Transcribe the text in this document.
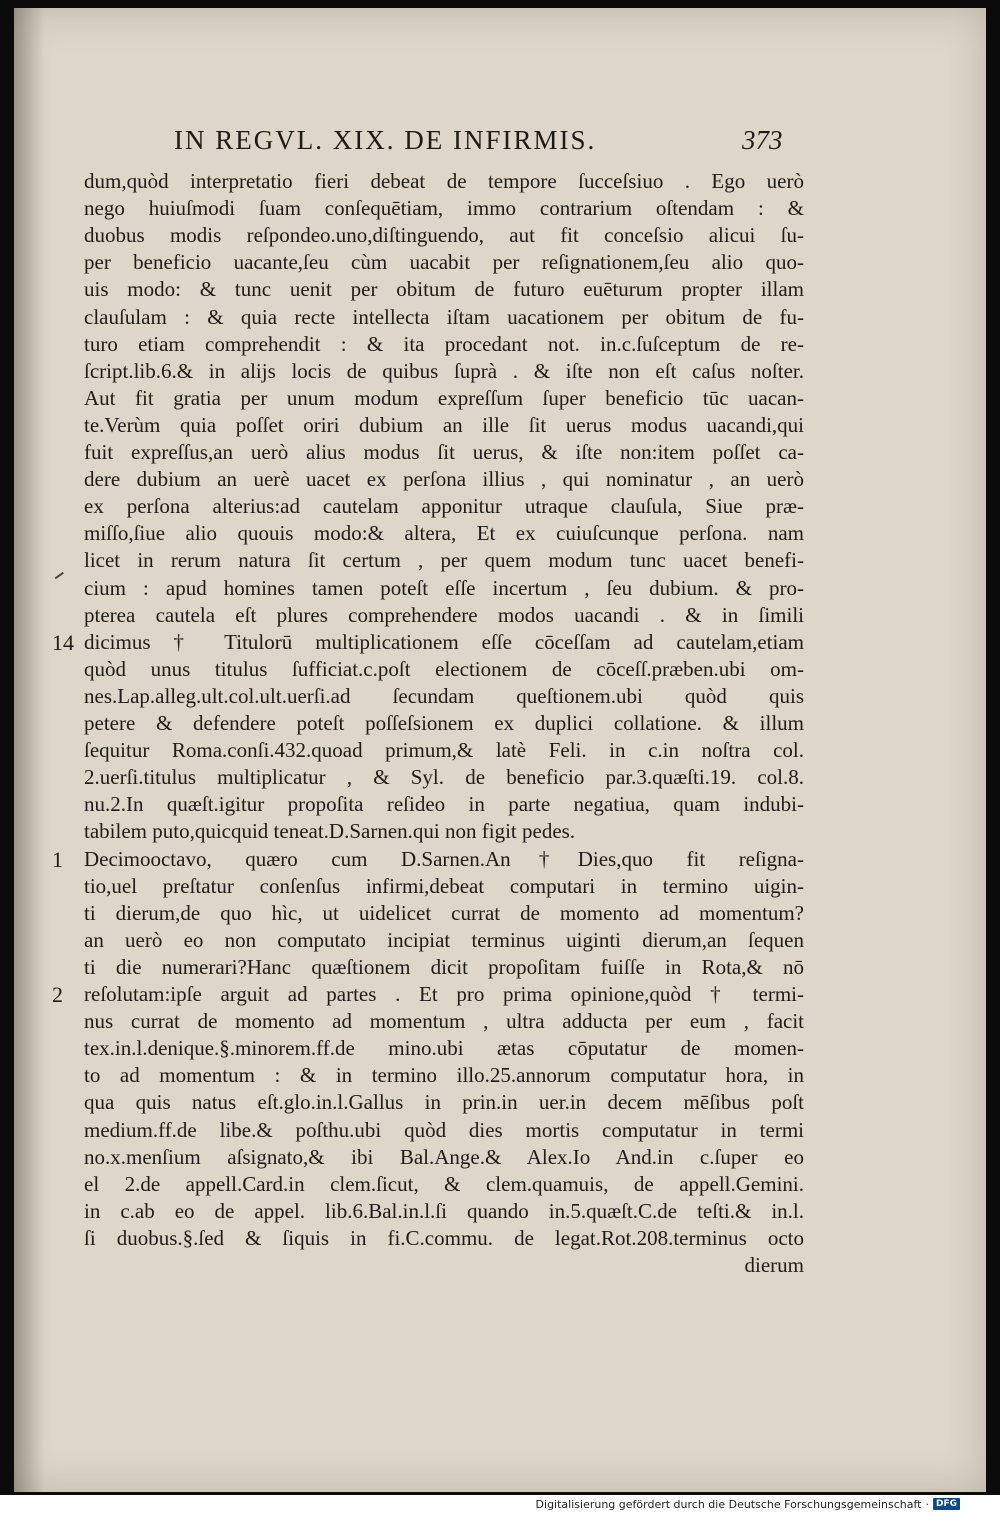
IN REGVL. XIX. DE INFIRMIS.	373
dum,quòd interpretatio fieri debeat de tempore ſucceſsiuo . Ego uerò
nego huiuſmodi ſuam conſequētiam, immo contrarium oſtendam : &
duobus modis reſpondeo.uno,diſtinguendo, aut fit conceſsio alicui ſu-
per beneficio uacante,ſeu cùm uacabit per reſignationem,ſeu alio quo-
uis modo: & tunc uenit per obitum de futuro euēturum propter illam
clauſulam : & quia recte intellecta iſtam uacationem per obitum de fu-
turo etiam comprehendit : & ita procedant not. in.c.ſuſceptum de re-
ſcript.lib.6.& in alijs locis de quibus ſuprà . & iſte non eſt caſus noſter.
Aut fit gratia per unum modum expreſſum ſuper beneficio tūc uacan-
te.Verùm quia poſſet oriri dubium an ille ſit uerus modus uacandi,qui
fuit expreſſus,an uerò alius modus ſit uerus, & iſte non:item poſſet ca-
dere dubium an uerè uacet ex perſona illius , qui nominatur , an uerò
ex perſona alterius:ad cautelam apponitur utraque clauſula, Siue præ-
miſſo,ſiue alio quouis modo:& altera, Et ex cuiuſcunque perſona. nam
licet in rerum natura ſit certum , per quem modum tunc uacet benefi-
cium : apud homines tamen poteſt eſſe incertum , ſeu dubium. & pro-
pterea cautela eſt plures comprehendere modos uacandi . & in ſimili
dicimus † Titulorū multiplicationem eſſe cōceſſam ad cautelam,etiam
quòd unus titulus ſufficiat.c.poſt electionem de cōceſſ.præben.ubi om-
nes.Lap.alleg.ult.col.ult.uerſi.ad ſecundam queſtionem.ubi quòd quis
petere & defendere poteſt poſſeſsionem ex duplici collatione. & illum
ſequitur Roma.conſi.432.quoad primum,& latè Feli. in c.in noſtra col.
2.uerſi.titulus multiplicatur , & Syl. de beneficio par.3.quæſti.19. col.8.
nu.2.In quæſt.igitur propoſita reſideo in parte negatiua, quam indubi-
tabilem puto,quicquid teneat.D.Sarnen.qui non figit pedes.
Decimooctavo, quæro cum D.Sarnen.An†Dies,quo fit reſigna-
tio,uel preſtatur conſenſus infirmi,debeat computari in termino uigin-
ti dierum,de quo hìc, ut uidelicet currat de momento ad momentum?
an uerò eo non computato incipiat terminus uiginti dierum,an ſequen
ti die numerari?Hanc quæſtionem dicit propoſitam fuiſſe in Rota,& nō
reſolutam:ipſe arguit ad partes . Et pro prima opinione,quòd † termi-
nus currat de momento ad momentum , ultra adducta per eum , facit
tex.in.l.denique.§.minorem.ff.de mino.ubi ætas cōputatur de momen-
to ad momentum : & in termino illo.25.annorum computatur hora, in
qua quis natus eſt.glo.in.l.Gallus in prin.in uer.in decem mēſibus poſt
medium.ff.de libe.& poſthu.ubi quòd dies mortis computatur in termi
no.x.menſium aſsignato,& ibi Bal.Ange.& Alex.Io And.in c.ſuper eo
el 2.de appell.Card.in clem.ſicut, & clem.quamuis, de appell.Gemini.
in c.ab eo de appel. lib.6.Bal.in.l.ſi quando in.5.quæſt.C.de teſti.& in.l.
ſi duobus.§.ſed & ſiquis in fi.C.commu. de legat.Rot.208.terminus octo
dierum
14
1
2
Digitalisierung gefördert durch die Deutsche Forschungsgemeinschaft · DFG
